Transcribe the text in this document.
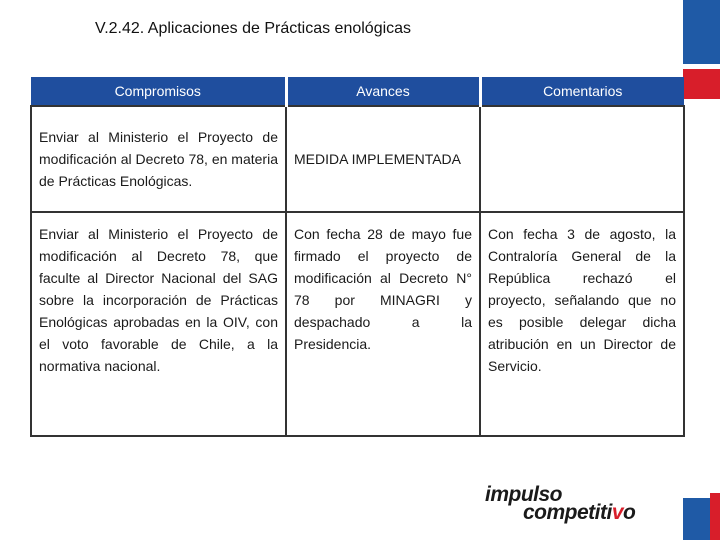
V.2.42. Aplicaciones de Prácticas enológicas
Compromisos	Avances	Comentarios
Enviar al Ministerio el Proyecto de modificación al Decreto 78, en materia de Prácticas Enológicas.	MEDIDA IMPLEMENTADA	
Enviar al Ministerio el Proyecto de modificación al Decreto 78, que faculte al Director Nacional del SAG sobre la incorporación de Prácticas Enológicas aprobadas en la OIV, con el voto favorable de Chile, a la normativa nacional.	Con fecha 28 de mayo fue firmado el proyecto de modificación al Decreto N° 78 por MINAGRI y despachado a la Presidencia.	Con fecha 3 de agosto, la Contraloría General de la República rechazó el proyecto, señalando que no es posible delegar dicha atribución en un Director de Servicio.
impulso
competitivo
